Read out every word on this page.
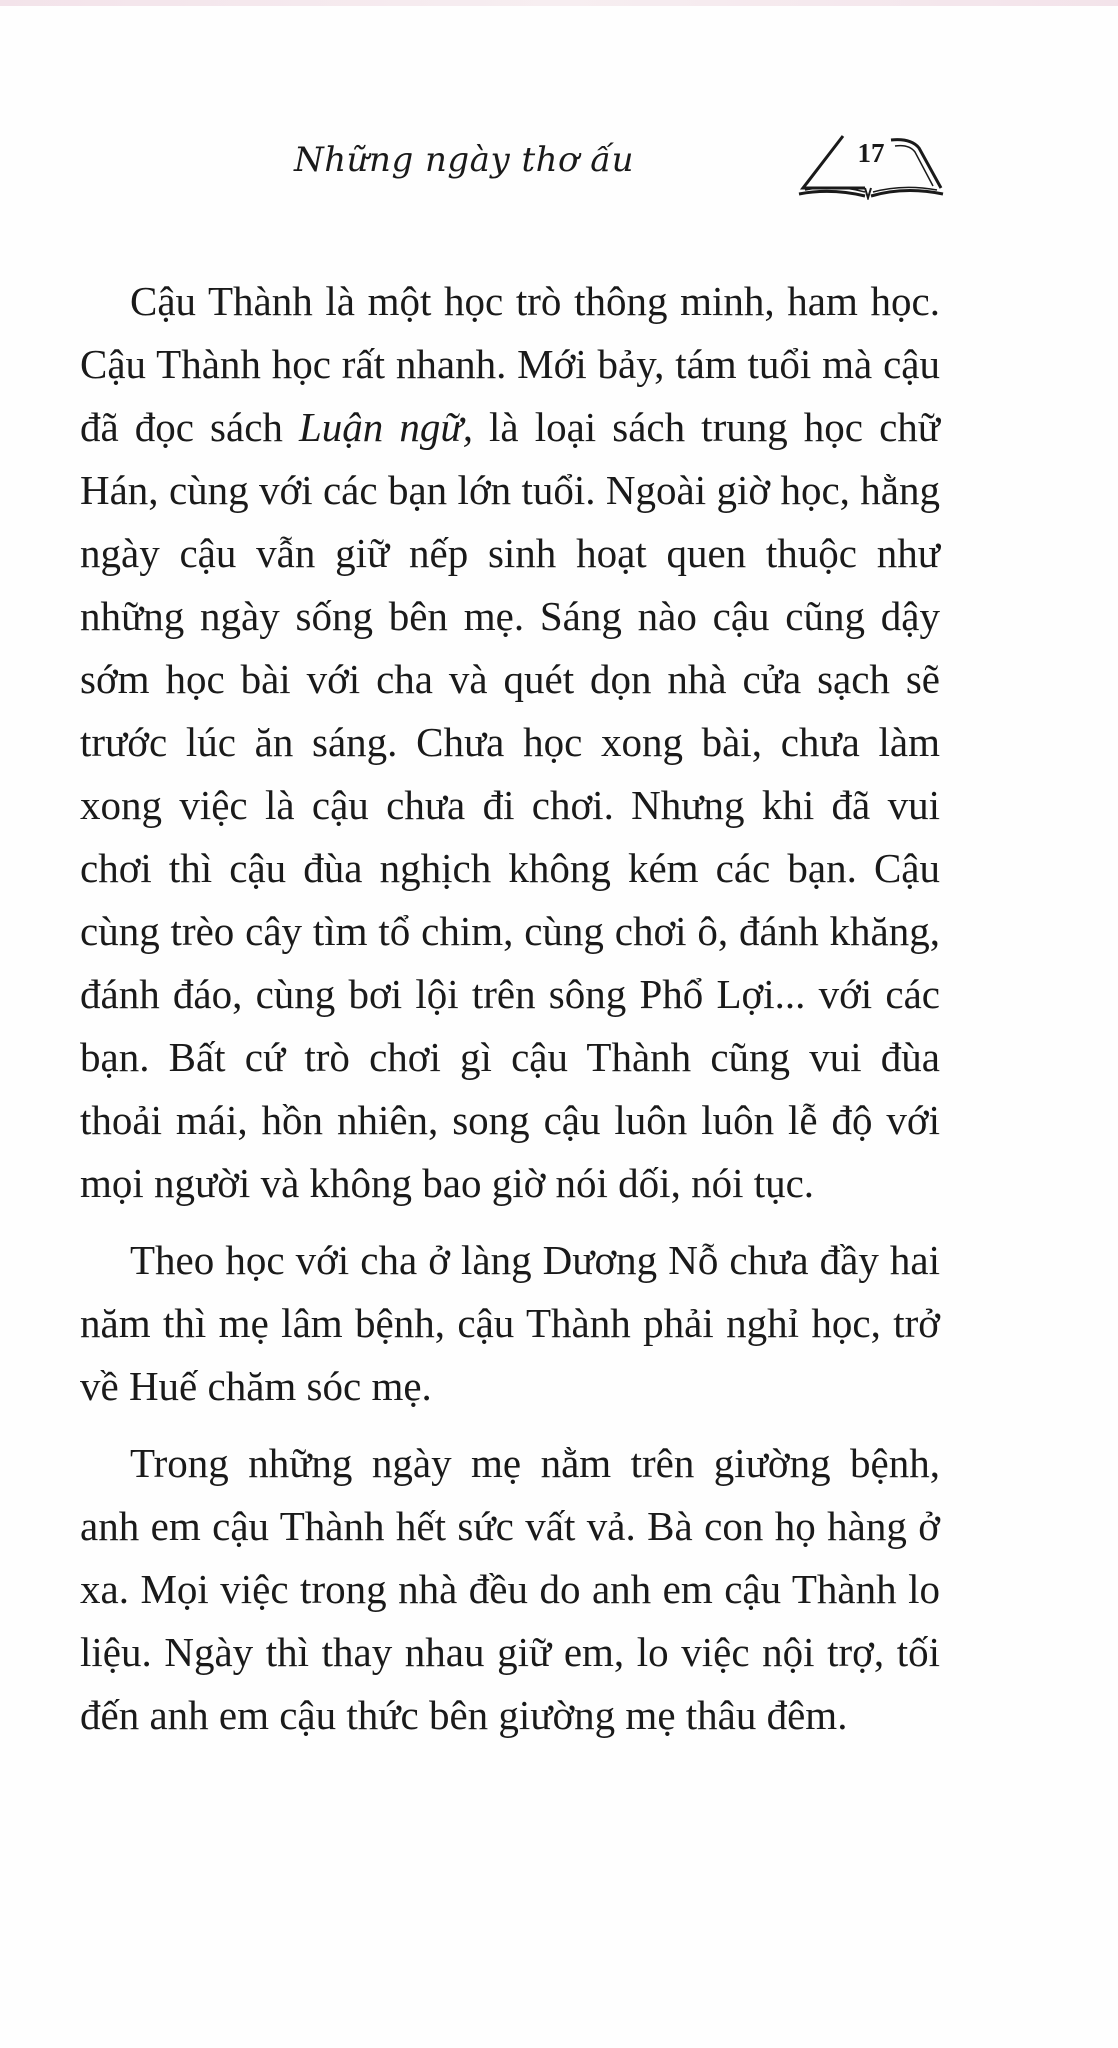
Những ngày thơ ấu	17

Cậu Thành là một học trò thông minh, ham học. Cậu Thành học rất nhanh. Mới bảy, tám tuổi mà cậu đã đọc sách Luận ngữ, là loại sách trung học chữ Hán, cùng với các bạn lớn tuổi. Ngoài giờ học, hằng ngày cậu vẫn giữ nếp sinh hoạt quen thuộc như những ngày sống bên mẹ. Sáng nào cậu cũng dậy sớm học bài với cha và quét dọn nhà cửa sạch sẽ trước lúc ăn sáng. Chưa học xong bài, chưa làm xong việc là cậu chưa đi chơi. Nhưng khi đã vui chơi thì cậu đùa nghịch không kém các bạn. Cậu cùng trèo cây tìm tổ chim, cùng chơi ô, đánh khăng, đánh đáo, cùng bơi lội trên sông Phổ Lợi... với các bạn. Bất cứ trò chơi gì cậu Thành cũng vui đùa thoải mái, hồn nhiên, song cậu luôn luôn lễ độ với mọi người và không bao giờ nói dối, nói tục.

Theo học với cha ở làng Dương Nỗ chưa đầy hai năm thì mẹ lâm bệnh, cậu Thành phải nghỉ học, trở về Huế chăm sóc mẹ.

Trong những ngày mẹ nằm trên giường bệnh, anh em cậu Thành hết sức vất vả. Bà con họ hàng ở xa. Mọi việc trong nhà đều do anh em cậu Thành lo liệu. Ngày thì thay nhau giữ em, lo việc nội trợ, tối đến anh em cậu thức bên giường mẹ thâu đêm.
